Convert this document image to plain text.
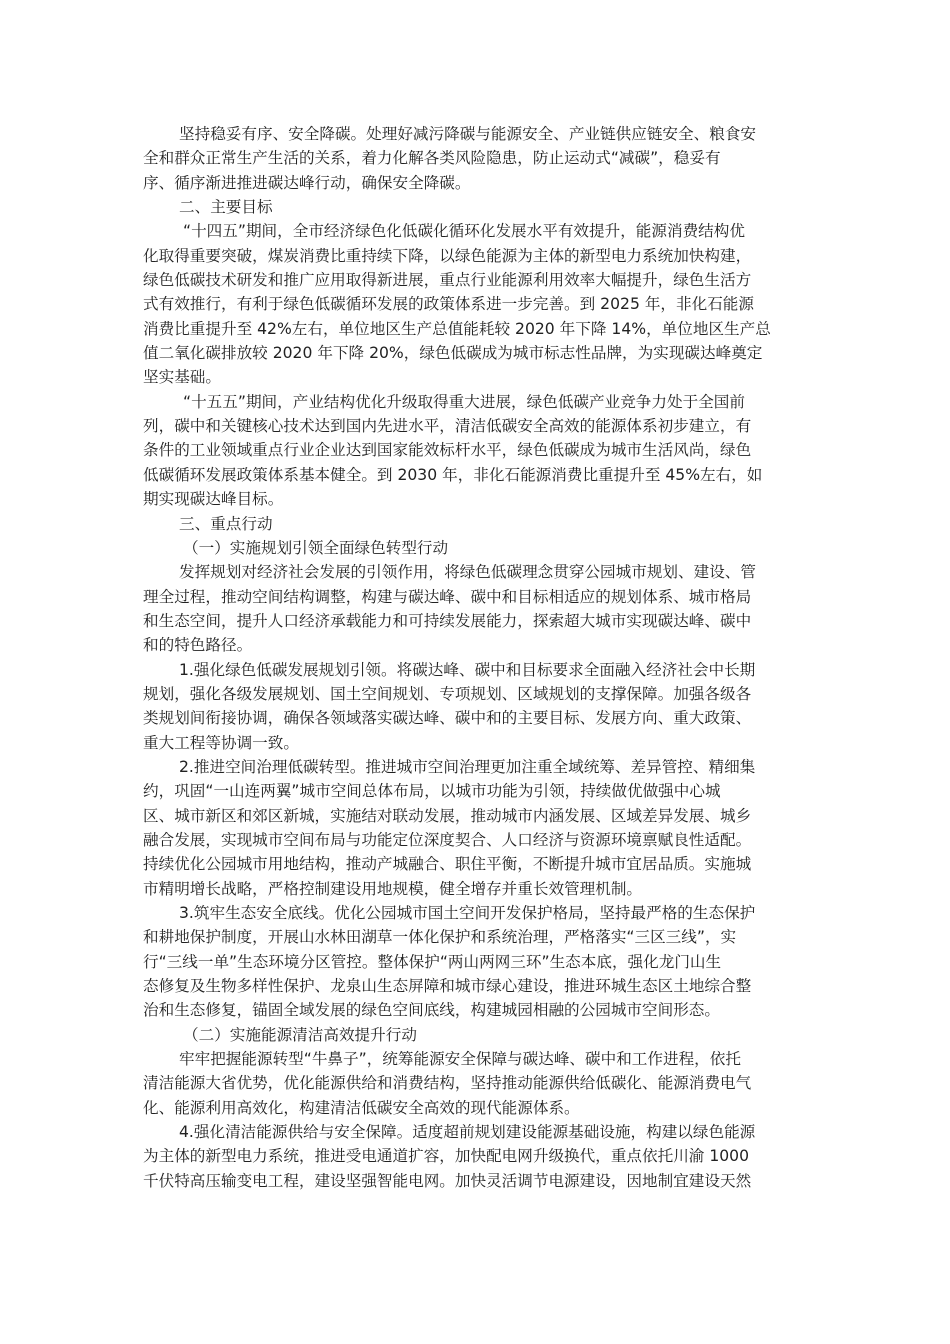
坚持稳妥有序、安全降碳。处理好减污降碳与能源安全、产业链供应链安全、粮食安
全和群众正常生产生活的关系，着力化解各类风险隐患，防止运动式“减碳”，稳妥有
序、循序渐进推进碳达峰行动，确保安全降碳。
二、主要目标
“十四五”期间，全市经济绿色化低碳化循环化发展水平有效提升，能源消费结构优
化取得重要突破，煤炭消费比重持续下降，以绿色能源为主体的新型电力系统加快构建，
绿色低碳技术研发和推广应用取得新进展，重点行业能源利用效率大幅提升，绿色生活方
式有效推行，有利于绿色低碳循环发展的政策体系进一步完善。到 2025 年，非化石能源
消费比重提升至 42%左右，单位地区生产总值能耗较 2020 年下降 14%，单位地区生产总
值二氧化碳排放较 2020 年下降 20%，绿色低碳成为城市标志性品牌，为实现碳达峰奠定
坚实基础。
“十五五”期间，产业结构优化升级取得重大进展，绿色低碳产业竞争力处于全国前
列，碳中和关键核心技术达到国内先进水平，清洁低碳安全高效的能源体系初步建立，有
条件的工业领域重点行业企业达到国家能效标杆水平，绿色低碳成为城市生活风尚，绿色
低碳循环发展政策体系基本健全。到 2030 年，非化石能源消费比重提升至 45%左右，如
期实现碳达峰目标。
三、重点行动
（一）实施规划引领全面绿色转型行动
发挥规划对经济社会发展的引领作用，将绿色低碳理念贯穿公园城市规划、建设、管
理全过程，推动空间结构调整，构建与碳达峰、碳中和目标相适应的规划体系、城市格局
和生态空间，提升人口经济承载能力和可持续发展能力，探索超大城市实现碳达峰、碳中
和的特色路径。
1.强化绿色低碳发展规划引领。将碳达峰、碳中和目标要求全面融入经济社会中长期
规划，强化各级发展规划、国土空间规划、专项规划、区域规划的支撑保障。加强各级各
类规划间衔接协调，确保各领域落实碳达峰、碳中和的主要目标、发展方向、重大政策、
重大工程等协调一致。
2.推进空间治理低碳转型。推进城市空间治理更加注重全域统筹、差异管控、精细集
约，巩固“一山连两翼”城市空间总体布局，以城市功能为引领，持续做优做强中心城
区、城市新区和郊区新城，实施结对联动发展，推动城市内涵发展、区域差异发展、城乡
融合发展，实现城市空间布局与功能定位深度契合、人口经济与资源环境禀赋良性适配。
持续优化公园城市用地结构，推动产城融合、职住平衡，不断提升城市宜居品质。实施城
市精明增长战略，严格控制建设用地规模，健全增存并重长效管理机制。
3.筑牢生态安全底线。优化公园城市国土空间开发保护格局，坚持最严格的生态保护
和耕地保护制度，开展山水林田湖草一体化保护和系统治理，严格落实“三区三线”，实
行“三线一单”生态环境分区管控。整体保护“两山两网三环”生态本底，强化龙门山生
态修复及生物多样性保护、龙泉山生态屏障和城市绿心建设，推进环城生态区土地综合整
治和生态修复，锚固全域发展的绿色空间底线，构建城园相融的公园城市空间形态。
（二）实施能源清洁高效提升行动
牢牢把握能源转型“牛鼻子”，统筹能源安全保障与碳达峰、碳中和工作进程，依托
清洁能源大省优势，优化能源供给和消费结构，坚持推动能源供给低碳化、能源消费电气
化、能源利用高效化，构建清洁低碳安全高效的现代能源体系。
4.强化清洁能源供给与安全保障。适度超前规划建设能源基础设施，构建以绿色能源
为主体的新型电力系统，推进受电通道扩容，加快配电网升级换代，重点依托川渝 1000
千伏特高压输变电工程，建设坚强智能电网。加快灵活调节电源建设，因地制宜建设天然
